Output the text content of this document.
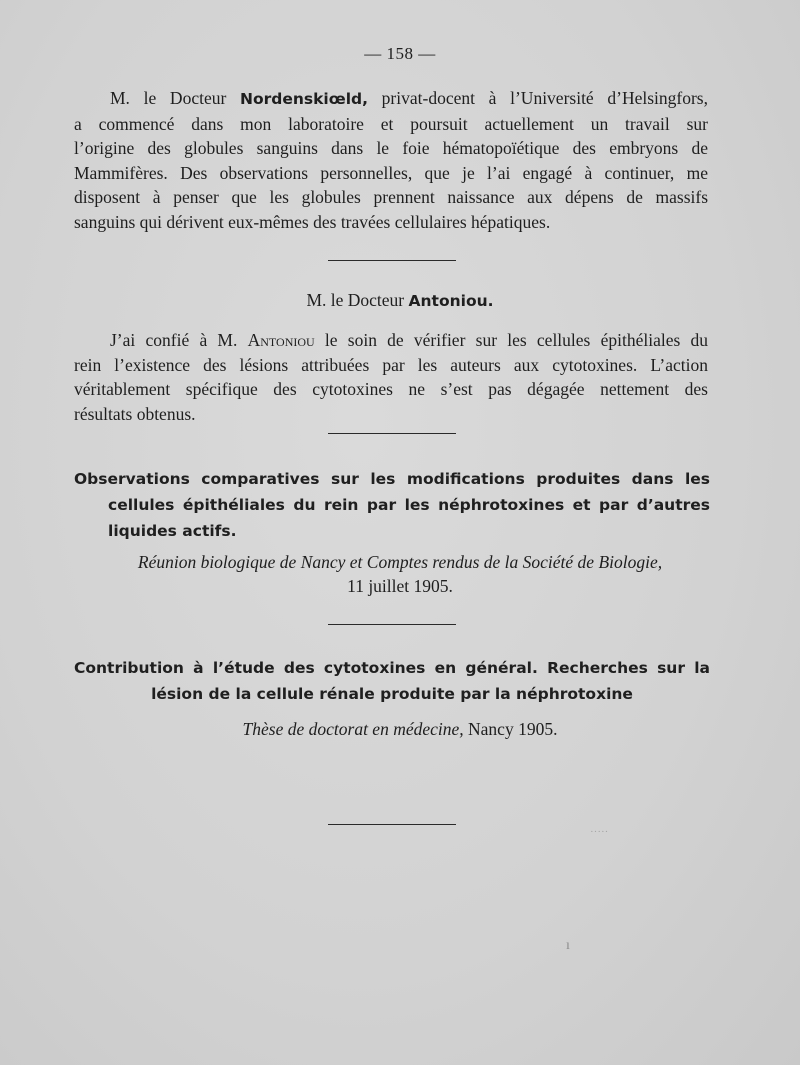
— 158 —
M. le Docteur Nordenskiœld, privat-docent à l’Université d’Helsingfors,
a commencé dans mon laboratoire et poursuit actuellement un travail sur
l’origine des globules sanguins dans le foie hématopoïétique des embryons de
Mammifères. Des observations personnelles, que je l’ai engagé à continuer, me
disposent à penser que les globules prennent naissance aux dépens de massifs
sanguins qui dérivent eux-mêmes des travées cellulaires hépatiques.
M. le Docteur Antoniou.
J’ai confié à M. Antoniou le soin de vérifier sur les cellules épithéliales du
rein l’existence des lésions attribuées par les auteurs aux cytotoxines. L’action
véritablement spécifique des cytotoxines ne s’est pas dégagée nettement des
résultats obtenus.
Observations comparatives sur les modifications produites dans les
cellules épithéliales du rein par les néphrotoxines et par d’autres
liquides actifs.
Réunion biologique de Nancy et Comptes rendus de la Société de Biologie,
11 juillet 1905.
Contribution à l’étude des cytotoxines en général. Recherches sur la
lésion de la cellule rénale produite par la néphrotoxine
Thèse de doctorat en médecine, Nancy 1905.
·····
ı
